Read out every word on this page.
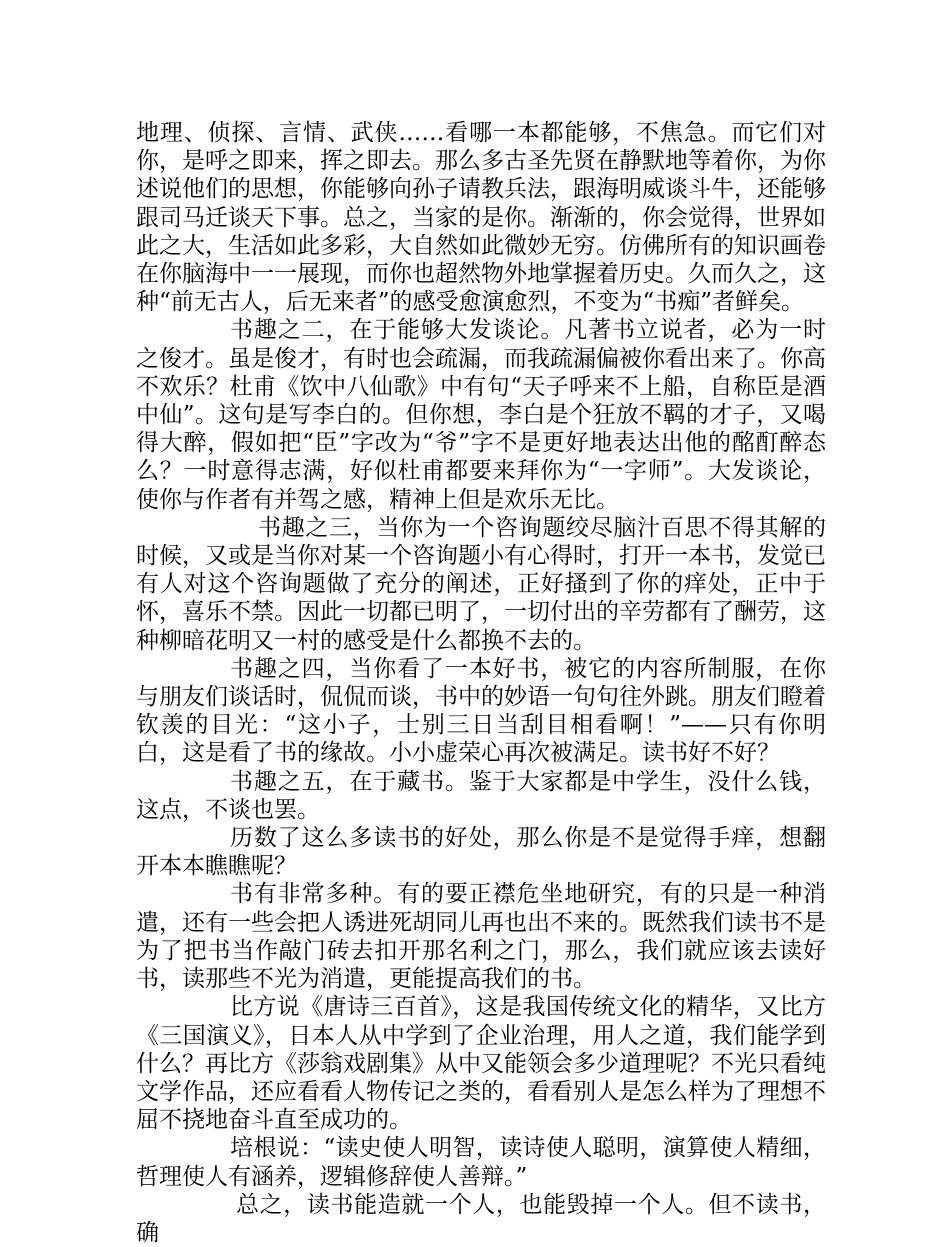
地理、侦探、言情、武侠……看哪一本都能够，不焦急。而它们对你，是呼之即来，挥之即去。那么多古圣先贤在静默地等着你，为你述说他们的思想，你能够向孙子请教兵法，跟海明威谈斗牛，还能够跟司马迁谈天下事。总之，当家的是你。渐渐的，你会觉得，世界如此之大，生活如此多彩，大自然如此微妙无穷。仿佛所有的知识画卷在你脑海中一一展现，而你也超然物外地掌握着历史。久而久之，这种“前无古人，后无来者”的感受愈演愈烈，不变为“书痴”者鲜矣。

书趣之二，在于能够大发谈论。凡著书立说者，必为一时之俊才。虽是俊才，有时也会疏漏，而我疏漏偏被你看出来了。你高不欢乐？杜甫《饮中八仙歌》中有句“天子呼来不上船，自称臣是酒中仙”。这句是写李白的。但你想，李白是个狂放不羁的才子，又喝得大醉，假如把“臣”字改为“爷”字不是更好地表达出他的酩酊醉态么？一时意得志满，好似杜甫都要来拜你为“一字师”。大发谈论，使你与作者有并驾之感，精神上但是欢乐无比。

书趣之三，当你为一个咨询题绞尽脑汁百思不得其解的时候，又或是当你对某一个咨询题小有心得时，打开一本书，发觉已有人对这个咨询题做了充分的阐述，正好搔到了你的痒处，正中于怀，喜乐不禁。因此一切都已明了，一切付出的辛劳都有了酬劳，这种柳暗花明又一村的感受是什么都换不去的。

书趣之四，当你看了一本好书，被它的内容所制服，在你与朋友们谈话时，侃侃而谈，书中的妙语一句句往外跳。朋友们瞪着钦羡的目光：“这小子，士别三日当刮目相看啊！”——只有你明白，这是看了书的缘故。小小虚荣心再次被满足。读书好不好？

书趣之五，在于藏书。鉴于大家都是中学生，没什么钱，这点，不谈也罢。

历数了这么多读书的好处，那么你是不是觉得手痒，想翻开本本瞧瞧呢？

书有非常多种。有的要正襟危坐地研究，有的只是一种消遣，还有一些会把人诱进死胡同儿再也出不来的。既然我们读书不是为了把书当作敲门砖去扣开那名利之门，那么，我们就应该去读好书，读那些不光为消遣，更能提高我们的书。

比方说《唐诗三百首》，这是我国传统文化的精华，又比方《三国演义》，日本人从中学到了企业治理，用人之道，我们能学到什么？再比方《莎翁戏剧集》从中又能领会多少道理呢？不光只看纯文学作品，还应看看人物传记之类的，看看别人是怎么样为了理想不屈不挠地奋斗直至成功的。

培根说：“读史使人明智，读诗使人聪明，演算使人精细，哲理使人有涵养，逻辑修辞使人善辩。”

总之，读书能造就一个人，也能毁掉一个人。但不读书，确
